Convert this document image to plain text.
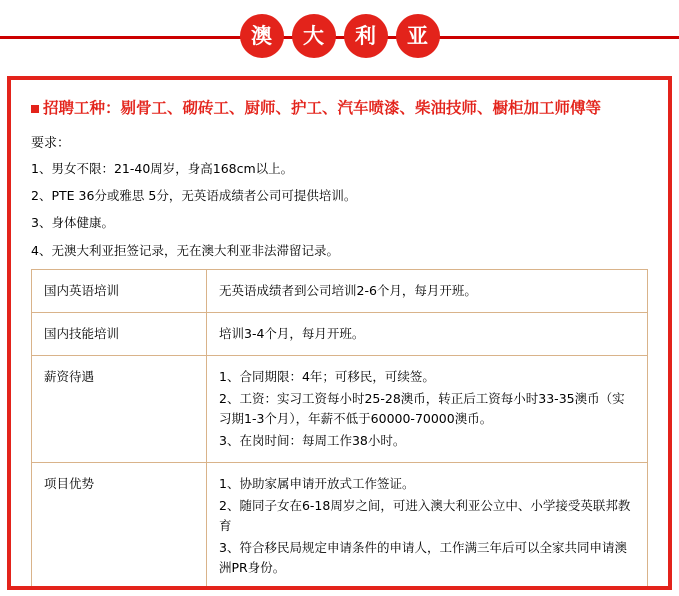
澳	大	利	亚
招聘工种：剔骨工、砌砖工、厨师、护工、汽车喷漆、柴油技师、橱柜加工师傅等

要求：

1、男女不限：21-40周岁，身高168cm以上。

2、PTE 36分或雅思 5分，无英语成绩者公司可提供培训。

3、身体健康。

4、无澳大利亚拒签记录，无在澳大利亚非法滞留记录。

国内英语培训	无英语成绩者到公司培训2-6个月，每月开班。

国内技能培训	培训3-4个月，每月开班。

薪资待遇	1、合同期限：4年；可移民，可续签。

2、工资：实习工资每小时25-28澳币，转正后工资每小时33-35澳币（实习期1-3个月），年薪不低于60000-70000澳币。

3、在岗时间：每周工作38小时。

项目优势	1、协助家属申请开放式工作签证。

2、随同子女在6-18周岁之间，可进入澳大利亚公立中、小学接受英联邦教育

3、符合移民局规定申请条件的申请人，工作满三年后可以全家共同申请澳洲PR身份。
